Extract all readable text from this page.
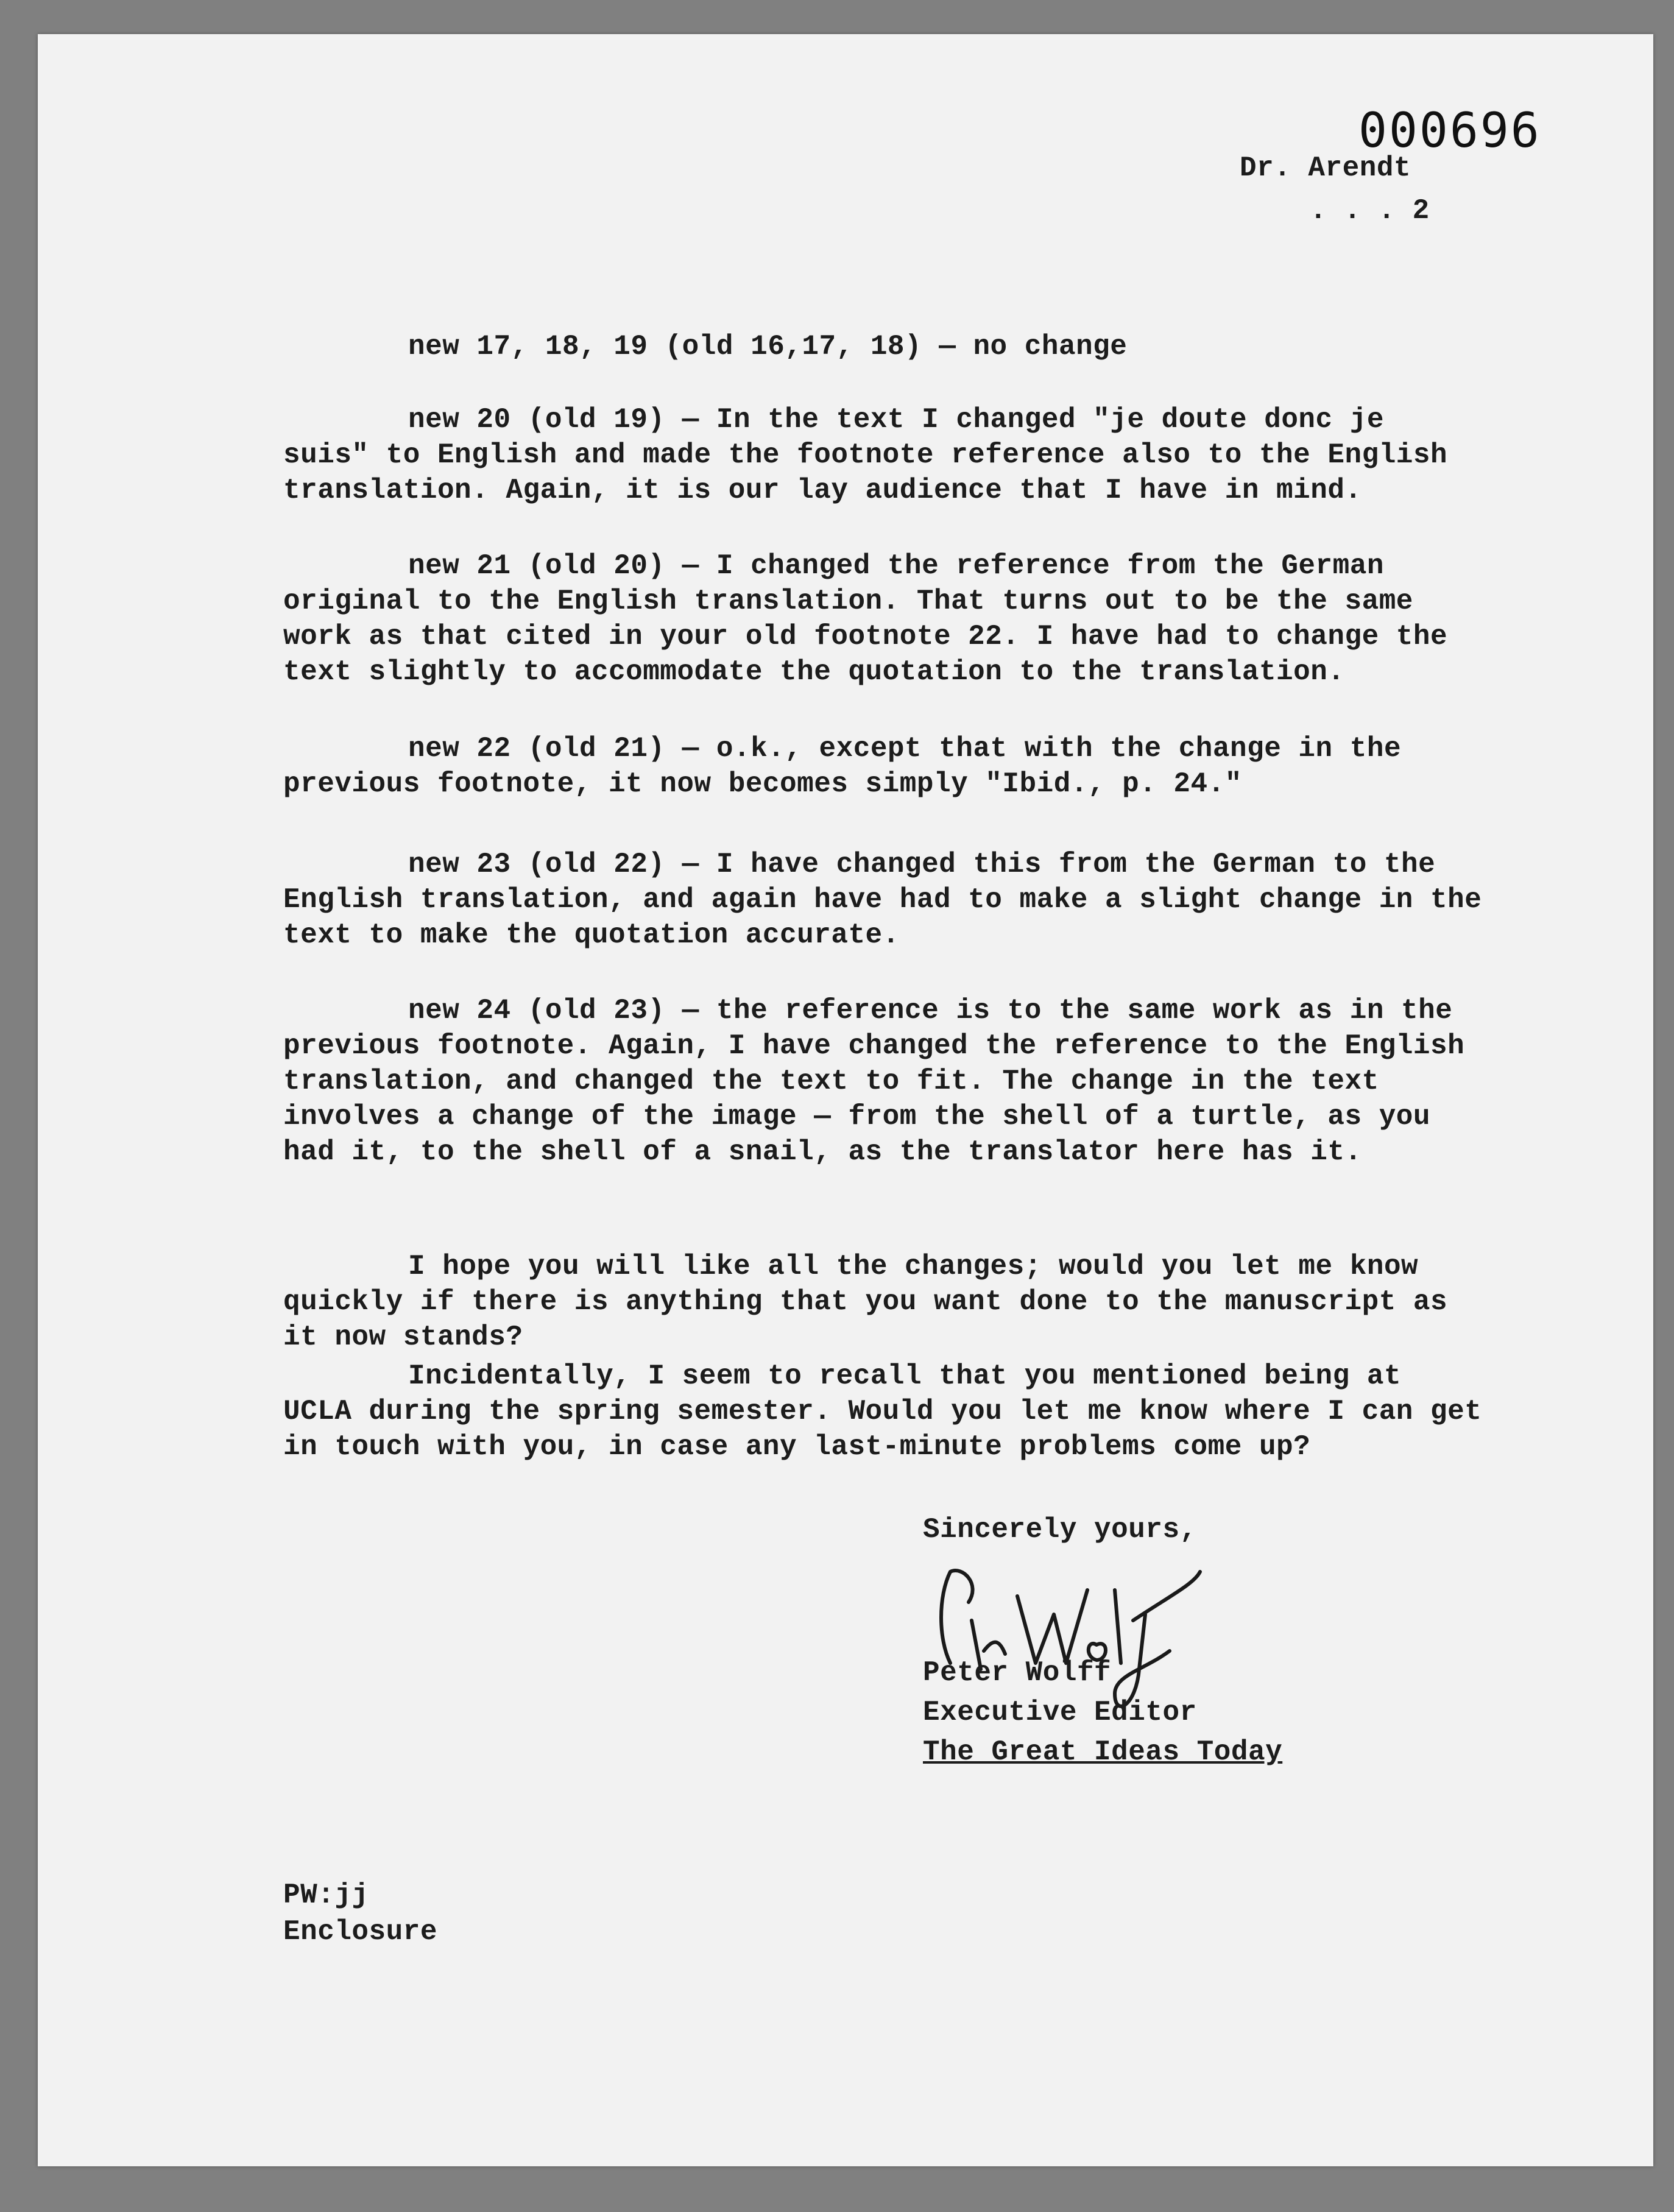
000696
Dr. Arendt
. . . 2

new 17, 18, 19 (old 16,17, 18) — no change

new 20 (old 19) — In the text I changed "je doute donc je suis" to English and made the footnote reference also to the English translation. Again, it is our lay audience that I have in mind.

new 21 (old 20) — I changed the reference from the German original to the English translation. That turns out to be the same work as that cited in your old footnote 22. I have had to change the text slightly to accommodate the quotation to the translation.

new 22 (old 21) — o.k., except that with the change in the previous footnote, it now becomes simply "Ibid., p. 24."

new 23 (old 22) — I have changed this from the German to the English translation, and again have had to make a slight change in the text to make the quotation accurate.

new 24 (old 23) — the reference is to the same work as in the previous footnote. Again, I have changed the reference to the English translation, and changed the text to fit. The change in the text involves a change of the image — from the shell of a turtle, as you had it, to the shell of a snail, as the translator here has it.

I hope you will like all the changes; would you let me know quickly if there is anything that you want done to the manuscript as it now stands?

Incidentally, I seem to recall that you mentioned being at UCLA during the spring semester. Would you let me know where I can get in touch with you, in case any last-minute problems come up?

Sincerely yours,
Peter Wolff
Executive Editor
The Great Ideas Today
PW:jj
Enclosure
